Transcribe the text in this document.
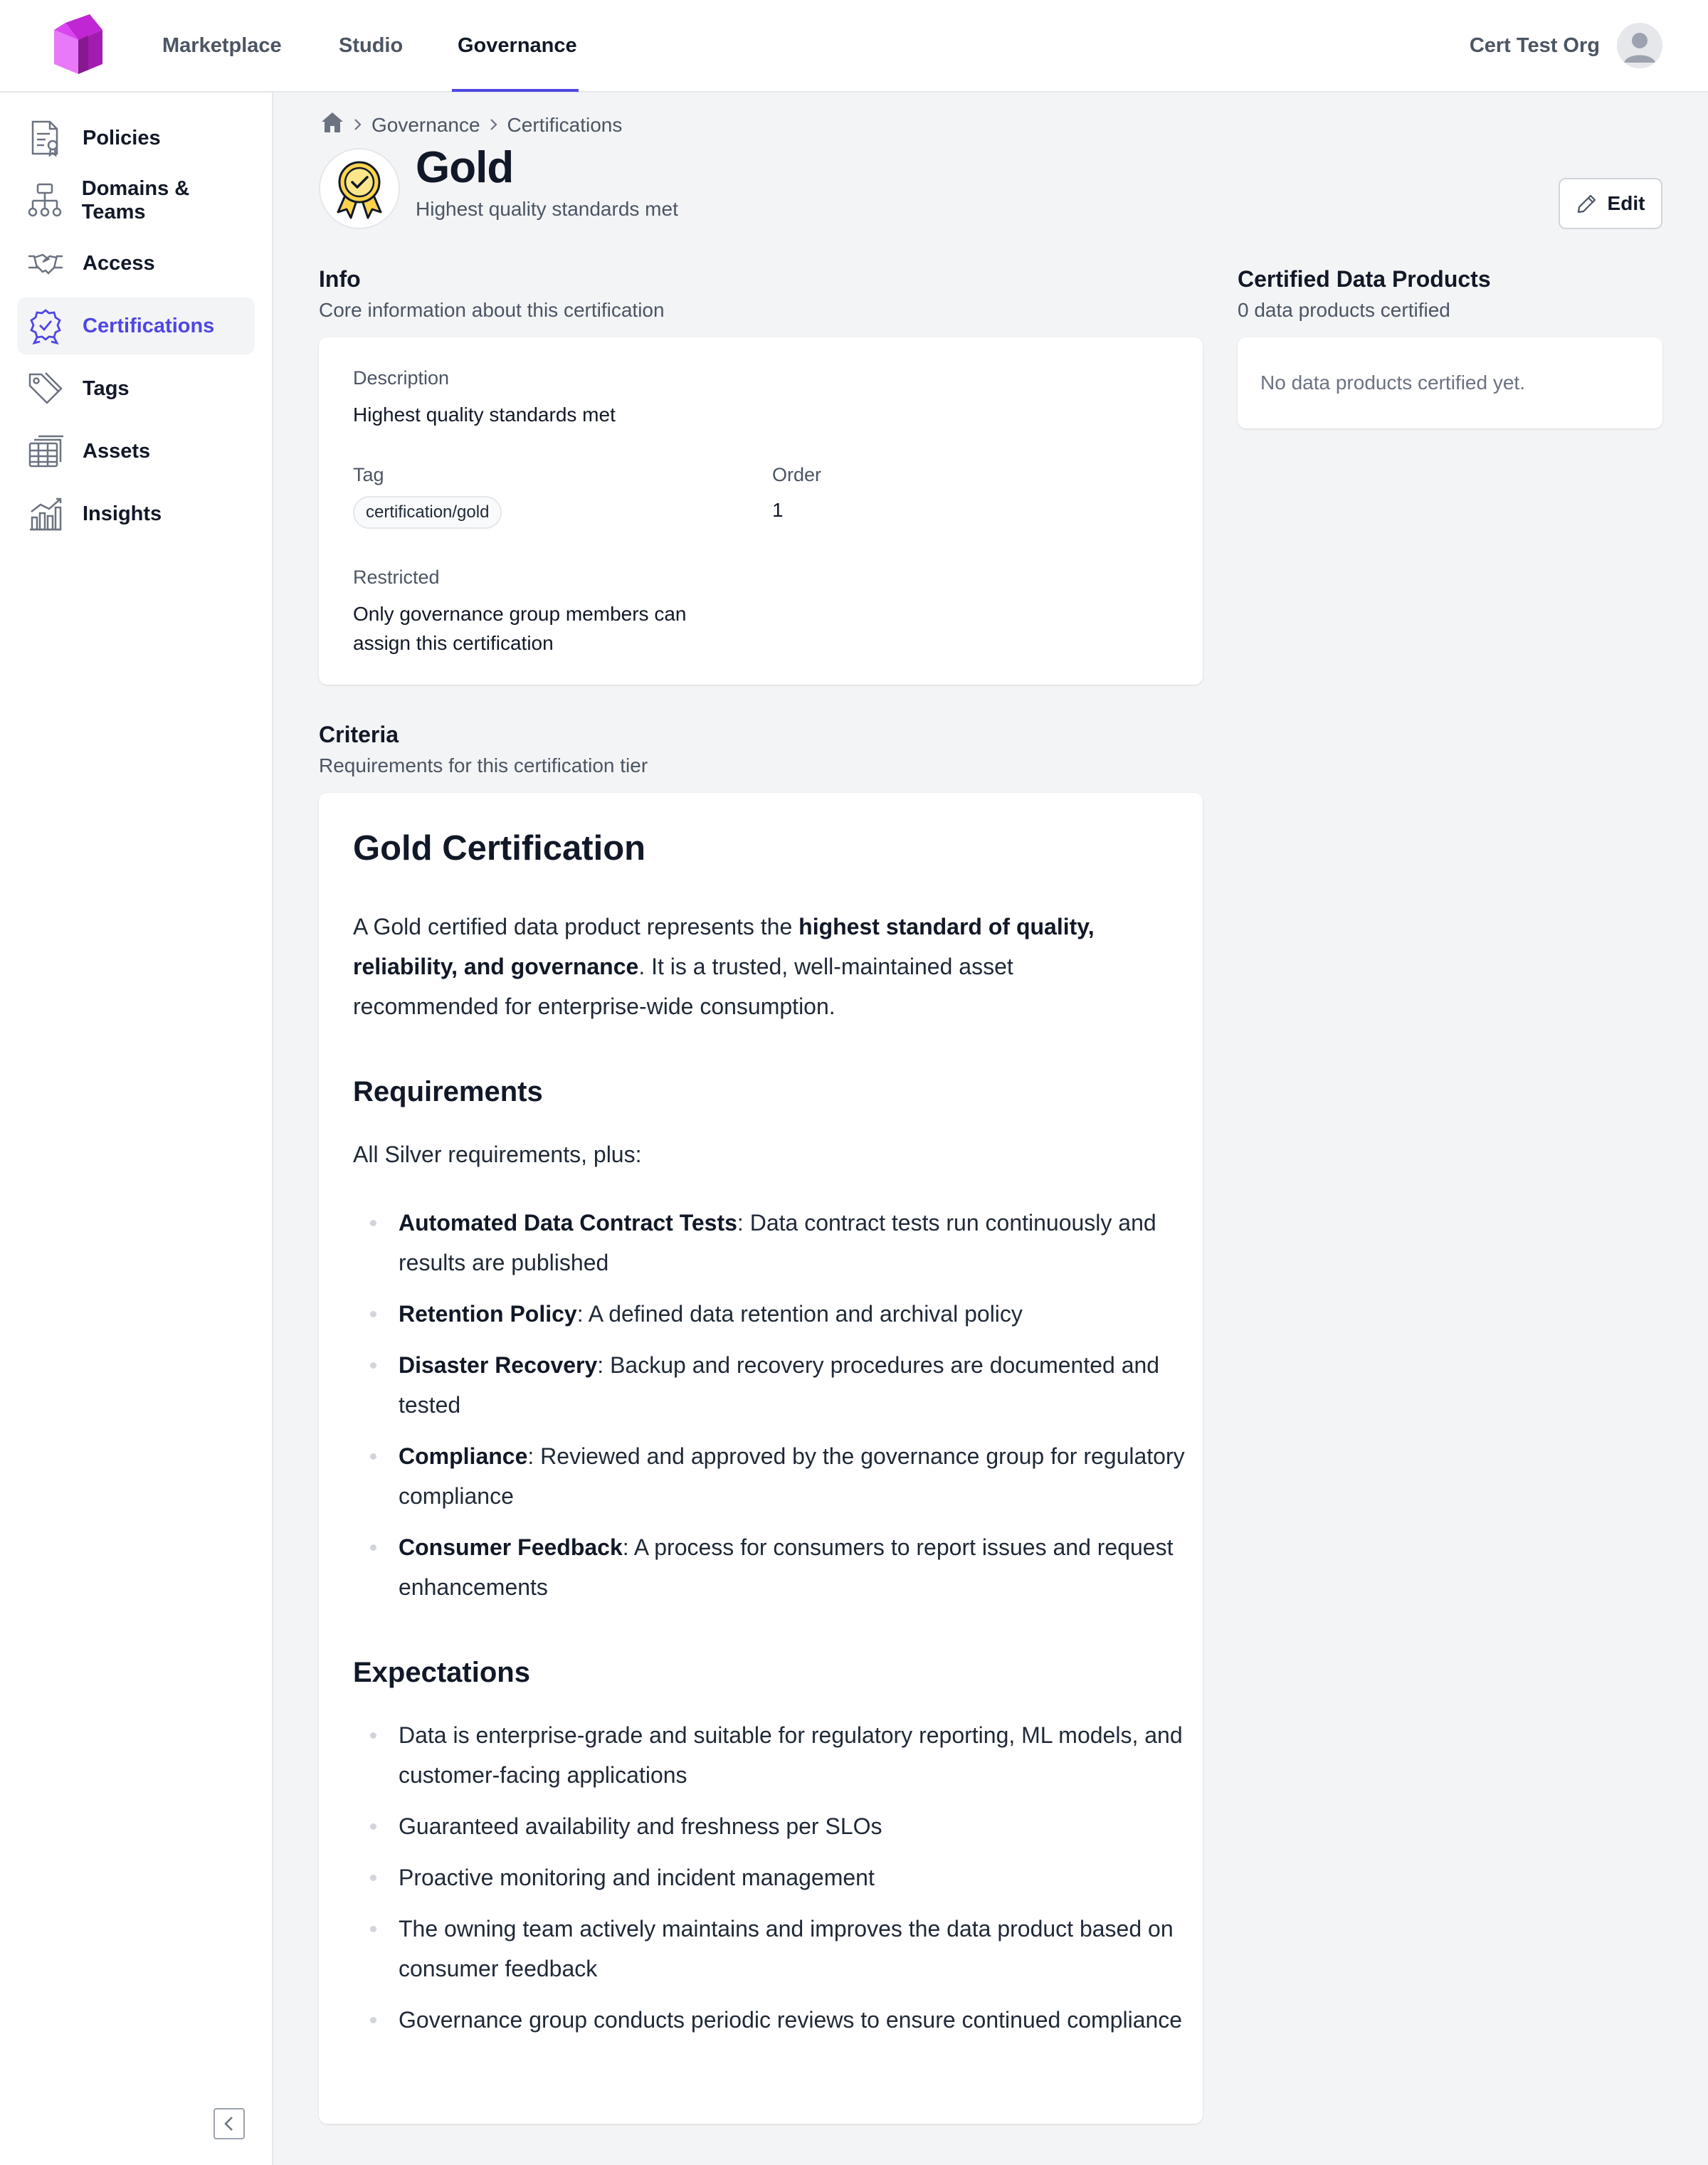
Marketplace	Studio	Governance	Cert Test Org
Policies
Domains & Teams
Access
Certifications
Tags
Assets
Insights
Governance Certifications
Gold
Highest quality standards met	Edit
Info
Core information about this certification
Description
Highest quality standards met
Tag
certification/gold
Order
1
Restricted
Only governance group members can
assign this certification
Certified Data Products
0 data products certified
No data products certified yet.
Criteria
Requirements for this certification tier
Gold Certification

A Gold certified data product represents the highest standard of quality, reliability, and governance. It is a trusted, well-maintained asset recommended for enterprise-wide consumption.

Requirements

All Silver requirements, plus:

Automated Data Contract Tests: Data contract tests run continuously and results are published
Retention Policy: A defined data retention and archival policy
Disaster Recovery: Backup and recovery procedures are documented and tested
Compliance: Reviewed and approved by the governance group for regulatory compliance
Consumer Feedback: A process for consumers to report issues and request enhancements
Expectations
Data is enterprise-grade and suitable for regulatory reporting, ML models, and customer-facing applications
Guaranteed availability and freshness per SLOs
Proactive monitoring and incident management
The owning team actively maintains and improves the data product based on consumer feedback
Governance group conducts periodic reviews to ensure continued compliance
